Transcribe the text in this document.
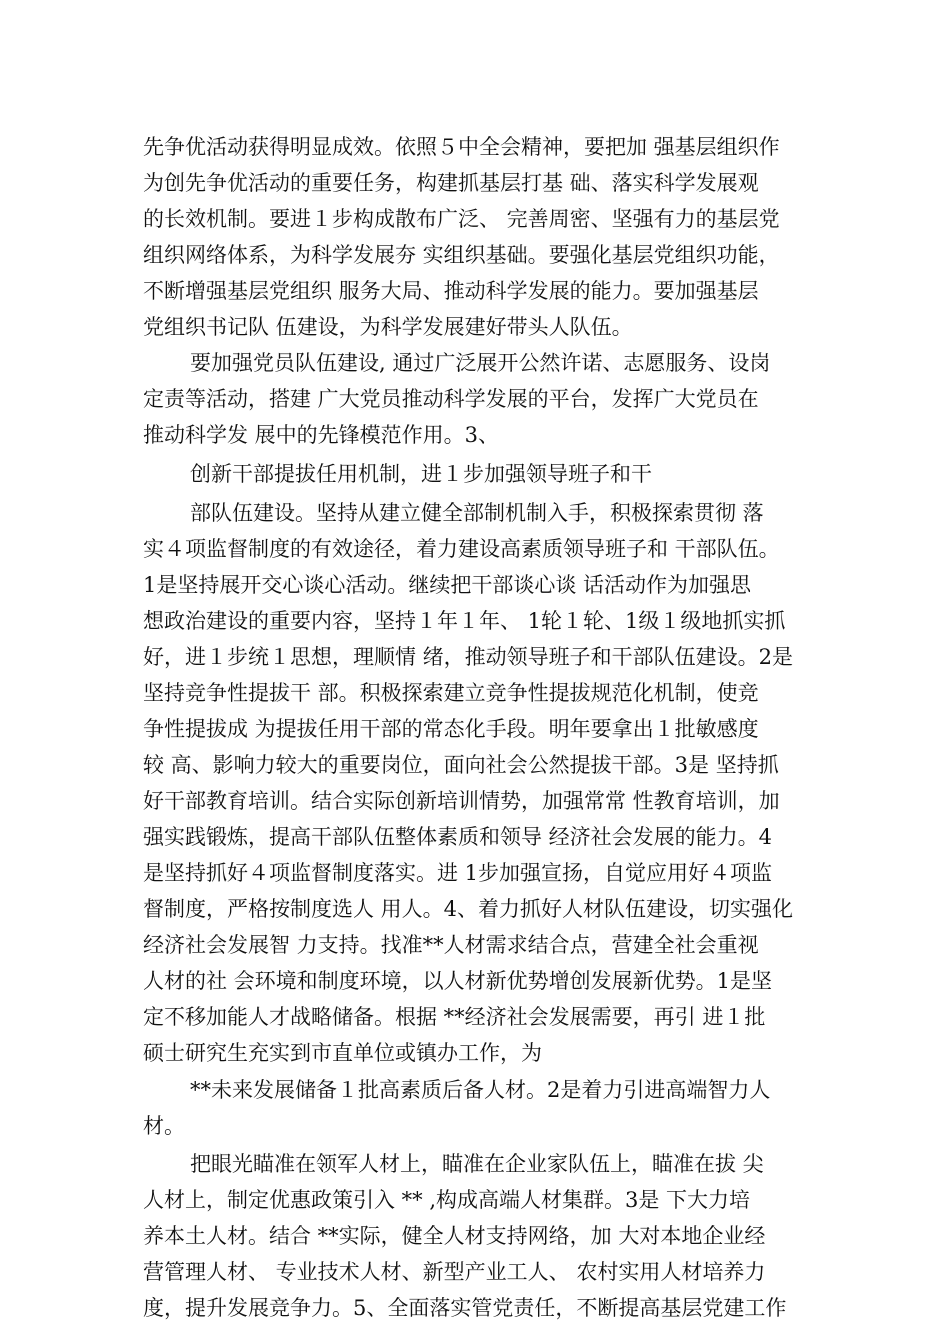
先争优活动获得明显成效。依照５中全会精神，要把加 强基层组织作
为创先争优活动的重要任务，构建抓基层打基 础、落实科学发展观
的长效机制。要进１步构成散布广泛、 完善周密、坚强有力的基层党
组织网络体系，为科学发展夯 实组织基础。要强化基层党组织功能，
不断增强基层党组织 服务大局、推动科学发展的能力。要加强基层
党组织书记队 伍建设，为科学发展建好带头人队伍。
要加强党员队伍建设, 通过广泛展开公然许诺、志愿服务、设岗
定责等活动，搭建 广大党员推动科学发展的平台，发挥广大党员在
推动科学发 展中的先锋模范作用。3、
创新干部提拔任用机制，进１步加强领导班子和干
部队伍建设。坚持从建立健全部制机制入手，积极探索贯彻 落
实４项监督制度的有效途径，着力建设高素质领导班子和 干部队伍。
1是坚持展开交心谈心活动。继续把干部谈心谈 话活动作为加强思
想政治建设的重要内容，坚持１年１年、 1轮１轮、1级１级地抓实抓
好，进１步统１思想，理顺情 绪，推动领导班子和干部队伍建设。2是
坚持竞争性提拔干 部。积极探索建立竞争性提拔规范化机制，使竞
争性提拔成 为提拔任用干部的常态化手段。明年要拿出１批敏感度
较 高、影响力较大的重要岗位，面向社会公然提拔干部。3是 坚持抓
好干部教育培训。结合实际创新培训情势，加强常常 性教育培训，加
强实践锻炼，提高干部队伍整体素质和领导 经济社会发展的能力。4
是坚持抓好４项监督制度落实。进 1步加强宣扬，自觉应用好４项监
督制度，严格按制度选人 用人。4、着力抓好人材队伍建设，切实强化
经济社会发展智 力支持。找准**人材需求结合点，营建全社会重视
人材的社 会环境和制度环境，以人材新优势增创发展新优势。1是坚
定不移加能人才战略储备。根据 **经济社会发展需要，再引 进１批
硕士研究生充实到市直单位或镇办工作，为
**未来发展储备１批高素质后备人材。2是着力引进高端智力人
材。
把眼光瞄准在领军人材上，瞄准在企业家队伍上，瞄准在拔 尖
人材上，制定优惠政策引入 ** ,构成高端人材集群。3是 下大力培
养本土人材。结合 **实际，健全人材支持网络，加 大对本地企业经
营管理人材、 专业技术人材、新型产业工人、 农村实用人材培养力
度，提升发展竞争力。5、全面落实管党责任，不断提高基层党建工作
